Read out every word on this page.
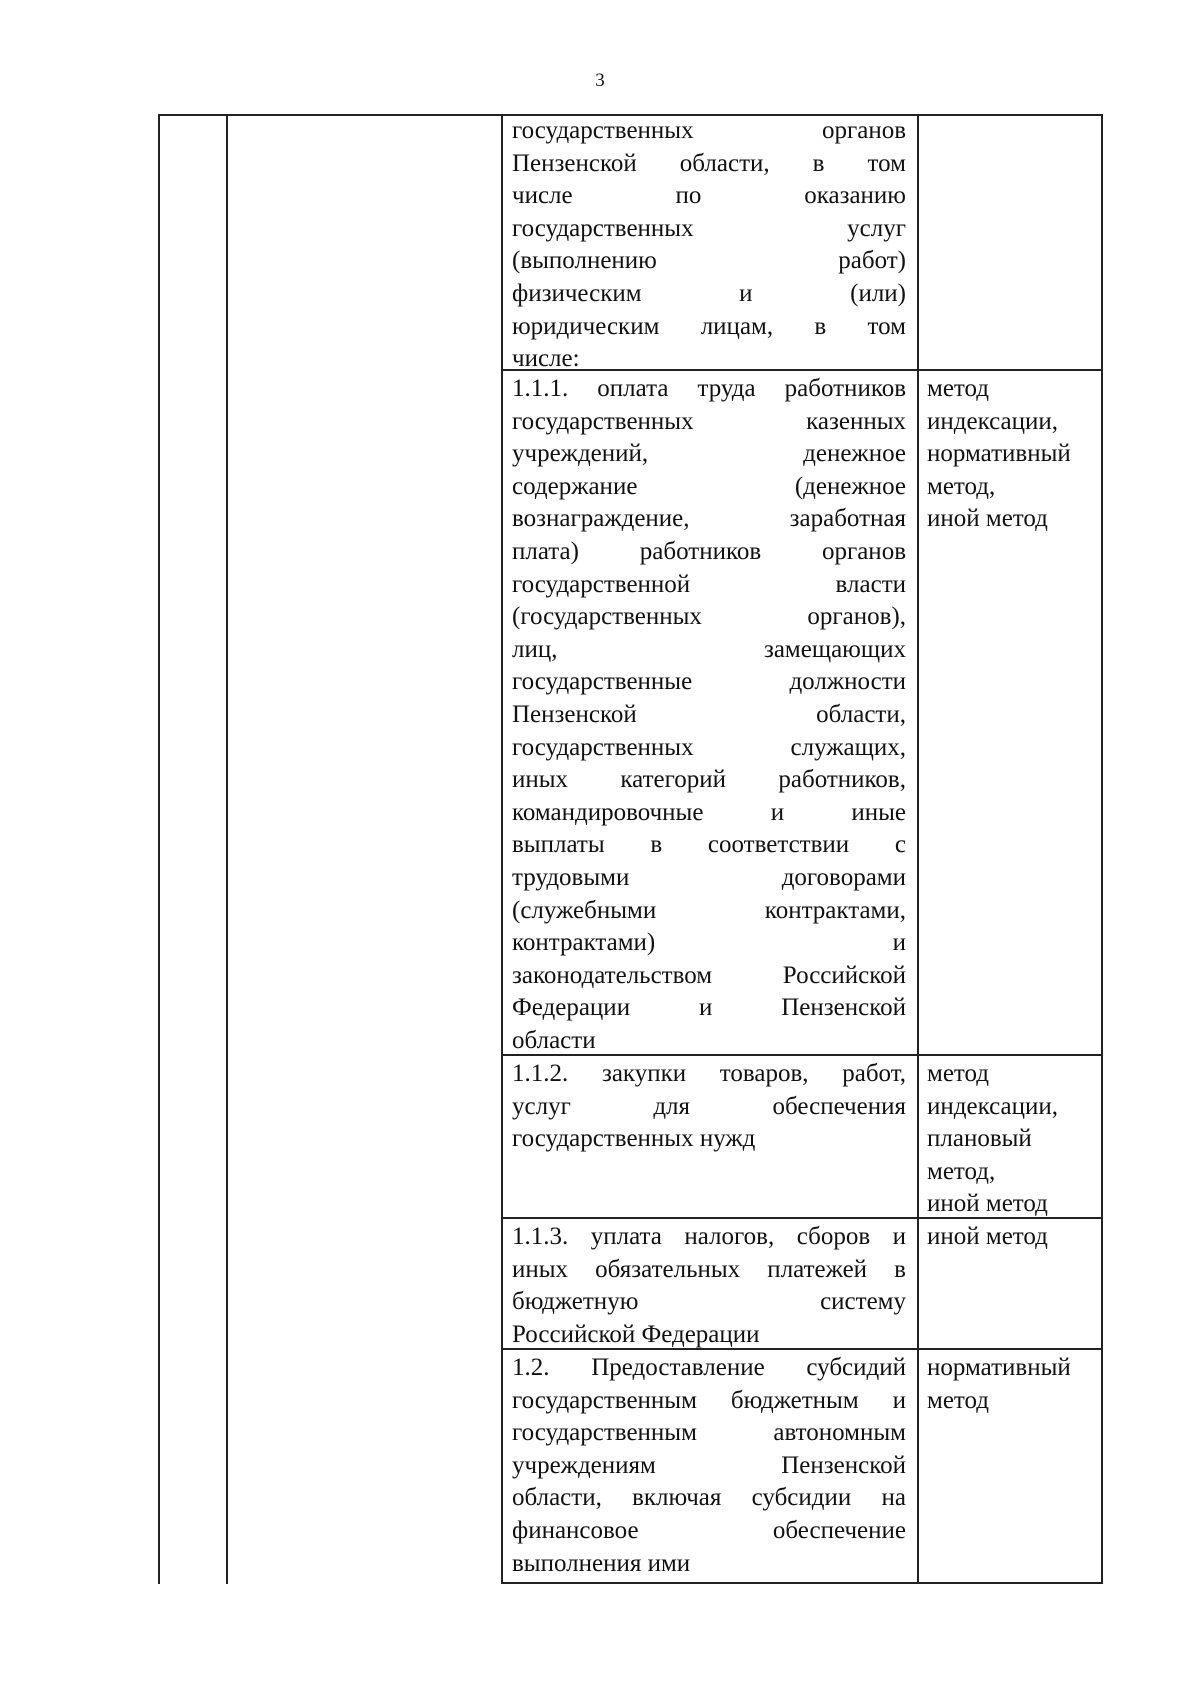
3
государственных органов
Пензенской области, в том
числе по оказанию
государственных услуг
(выполнению работ)
физическим и (или)
юридическим лицам, в том
числе:
1.1.1. оплата труда работников
государственных казенных
учреждений, денежное
содержание (денежное
вознаграждение, заработная
плата) работников органов
государственной власти
(государственных органов),
лиц, замещающих
государственные должности
Пензенской области,
государственных служащих,
иных категорий работников,
командировочные и иные
выплаты в соответствии с
трудовыми договорами
(служебными контрактами,
контрактами) и
законодательством Российской
Федерации и Пензенской
области
1.1.2. закупки товаров, работ,
услуг для обеспечения
государственных нужд
1.1.3. уплата налогов, сборов и
иных обязательных платежей в
бюджетную систему
Российской Федерации
1.2. Предоставление субсидий
государственным бюджетным и
государственным автономным
учреждениям Пензенской
области, включая субсидии на
финансовое обеспечение
выполнения ими
метод
индексации,
нормативный
метод,
иной метод
метод
индексации,
плановый
метод,
иной метод
иной метод
нормативный
метод
